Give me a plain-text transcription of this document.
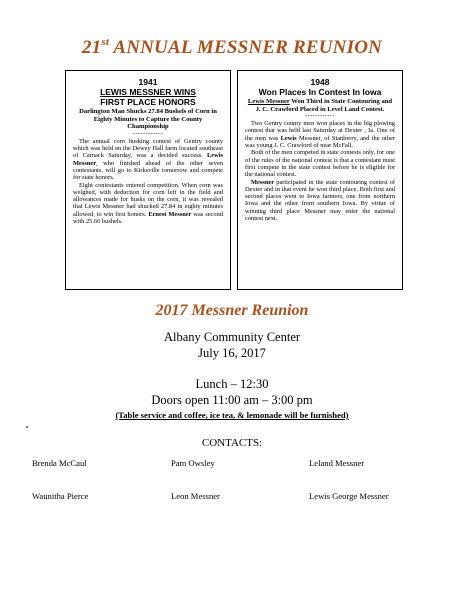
21st ANNUAL MESSNER REUNION
1941
LEWIS MESSNER WINS
FIRST PLACE HONORS
Darlington Man Shucks 27.84 Bushels of Corn in Eighty Minutes to Capture the County Championship
------------

The annual corn husking contest of Gentry county which was held on the Dewey Hall farm located southeast of Carnack Saturday, was a decided success. Lewis Messner, who finished ahead of the other seven contestants, will go to Kirksville tomorrow and compete for state honors.

Eight contestants entered competition. When corn was weighed, with deduction for corn left in the field and allowances made for husks on the corn, it was revealed that Lewis Messner had shucked 27.84 in eighty minutes allowed, to win first honors. Ernest Messner was second with 25.66 bushels.

1948
Won Places In Contest In Iowa
Lewis Messner Won Third in State Contouring and J. C. Crawford Placed in Level Land Contest.
------------

Two Gentry county men won places in the big plowing contest that was held last Saturday at Dexter , Ia. One of the men was Lewis Messner, of Stanberry, and the other was young J. C. Crawford of near McFall.

Both of the men competed in state contests only, for one of the rules of the national contest is that a contestant must first compete in the state contest before he is eligible for the national contest.

Messner participated in the state contouring contest of Dexter and in that event he won third place. Both first and second places went to Iowa farmers, one from northern Iowa and the other from southern Iowa. By virtue of winning third place Messner may enter the national contest next.

2017 Messner Reunion
Albany Community Center
July 16, 2017
Lunch – 12:30
Doors open 11:00 am – 3:00 pm
(Table service and coffee, ice tea, & lemonade will be furnished)
CONTACTS:
Brenda McCaul	Pam Owsley	Leland Messner
Waunitha Pierce	Leon Messner	Lewis George Messner
